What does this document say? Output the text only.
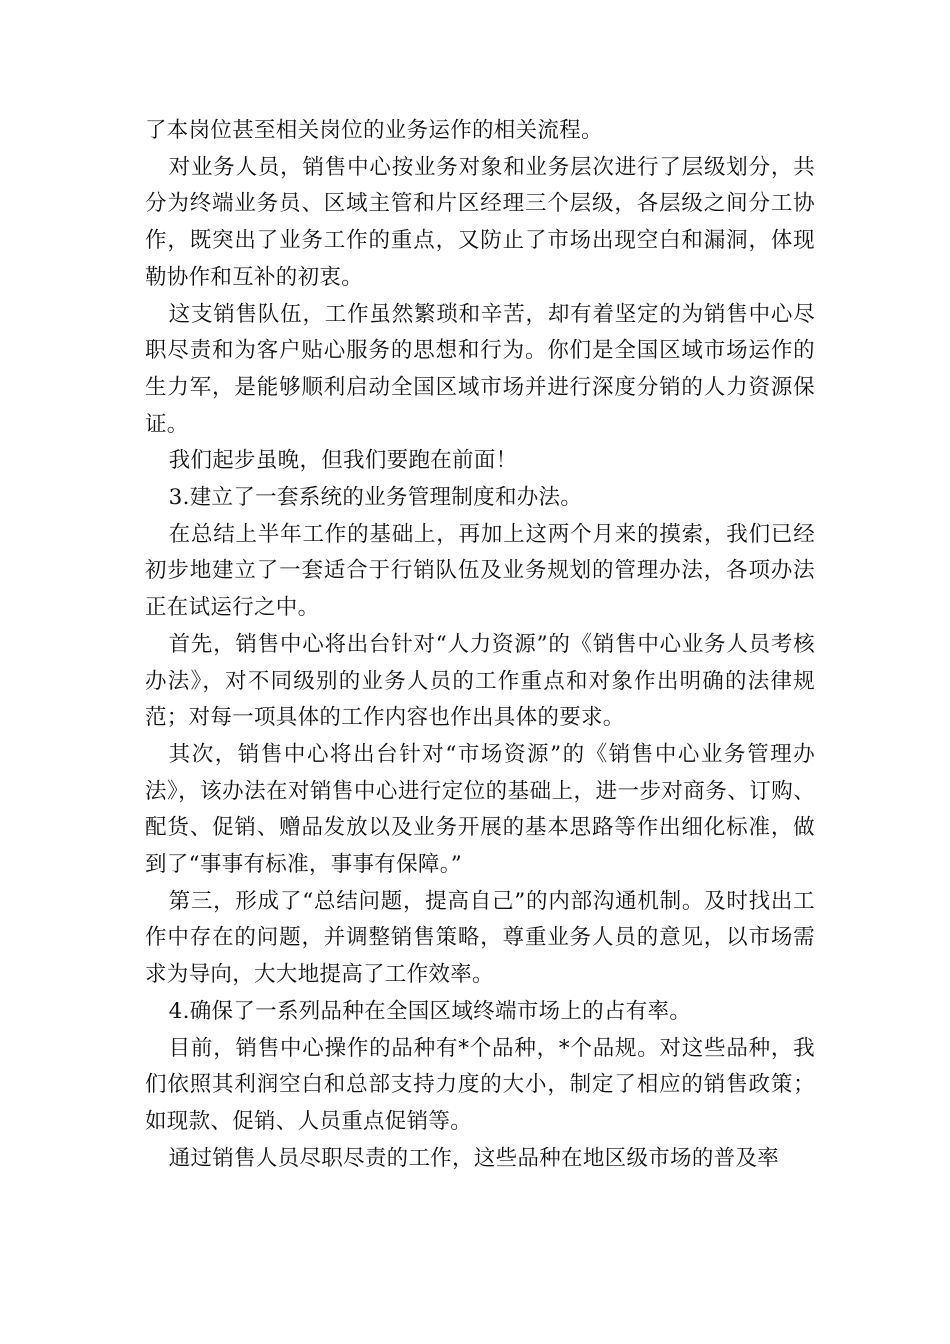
了本岗位甚至相关岗位的业务运作的相关流程。

对业务人员，销售中心按业务对象和业务层次进行了层级划分，共分为终端业务员、区域主管和片区经理三个层级，各层级之间分工协作，既突出了业务工作的重点，又防止了市场出现空白和漏洞，体现勒协作和互补的初衷。

这支销售队伍，工作虽然繁琐和辛苦，却有着坚定的为销售中心尽职尽责和为客户贴心服务的思想和行为。你们是全国区域市场运作的生力军，是能够顺利启动全国区域市场并进行深度分销的人力资源保证。

我们起步虽晚，但我们要跑在前面！

3.建立了一套系统的业务管理制度和办法。

在总结上半年工作的基础上，再加上这两个月来的摸索，我们已经初步地建立了一套适合于行销队伍及业务规划的管理办法，各项办法正在试运行之中。

首先，销售中心将出台针对“人力资源”的《销售中心业务人员考核办法》，对不同级别的业务人员的工作重点和对象作出明确的法律规范；对每一项具体的工作内容也作出具体的要求。

其次，销售中心将出台针对“市场资源”的《销售中心业务管理办法》，该办法在对销售中心进行定位的基础上，进一步对商务、订购、配货、促销、赠品发放以及业务开展的基本思路等作出细化标准，做到了“事事有标准，事事有保障。”

第三，形成了“总结问题，提高自己”的内部沟通机制。及时找出工作中存在的问题，并调整销售策略，尊重业务人员的意见，以市场需求为导向，大大地提高了工作效率。

4.确保了一系列品种在全国区域终端市场上的占有率。

目前，销售中心操作的品种有*个品种，*个品规。对这些品种，我们依照其利润空白和总部支持力度的大小，制定了相应的销售政策；如现款、促销、人员重点促销等。

通过销售人员尽职尽责的工作，这些品种在地区级市场的普及率
